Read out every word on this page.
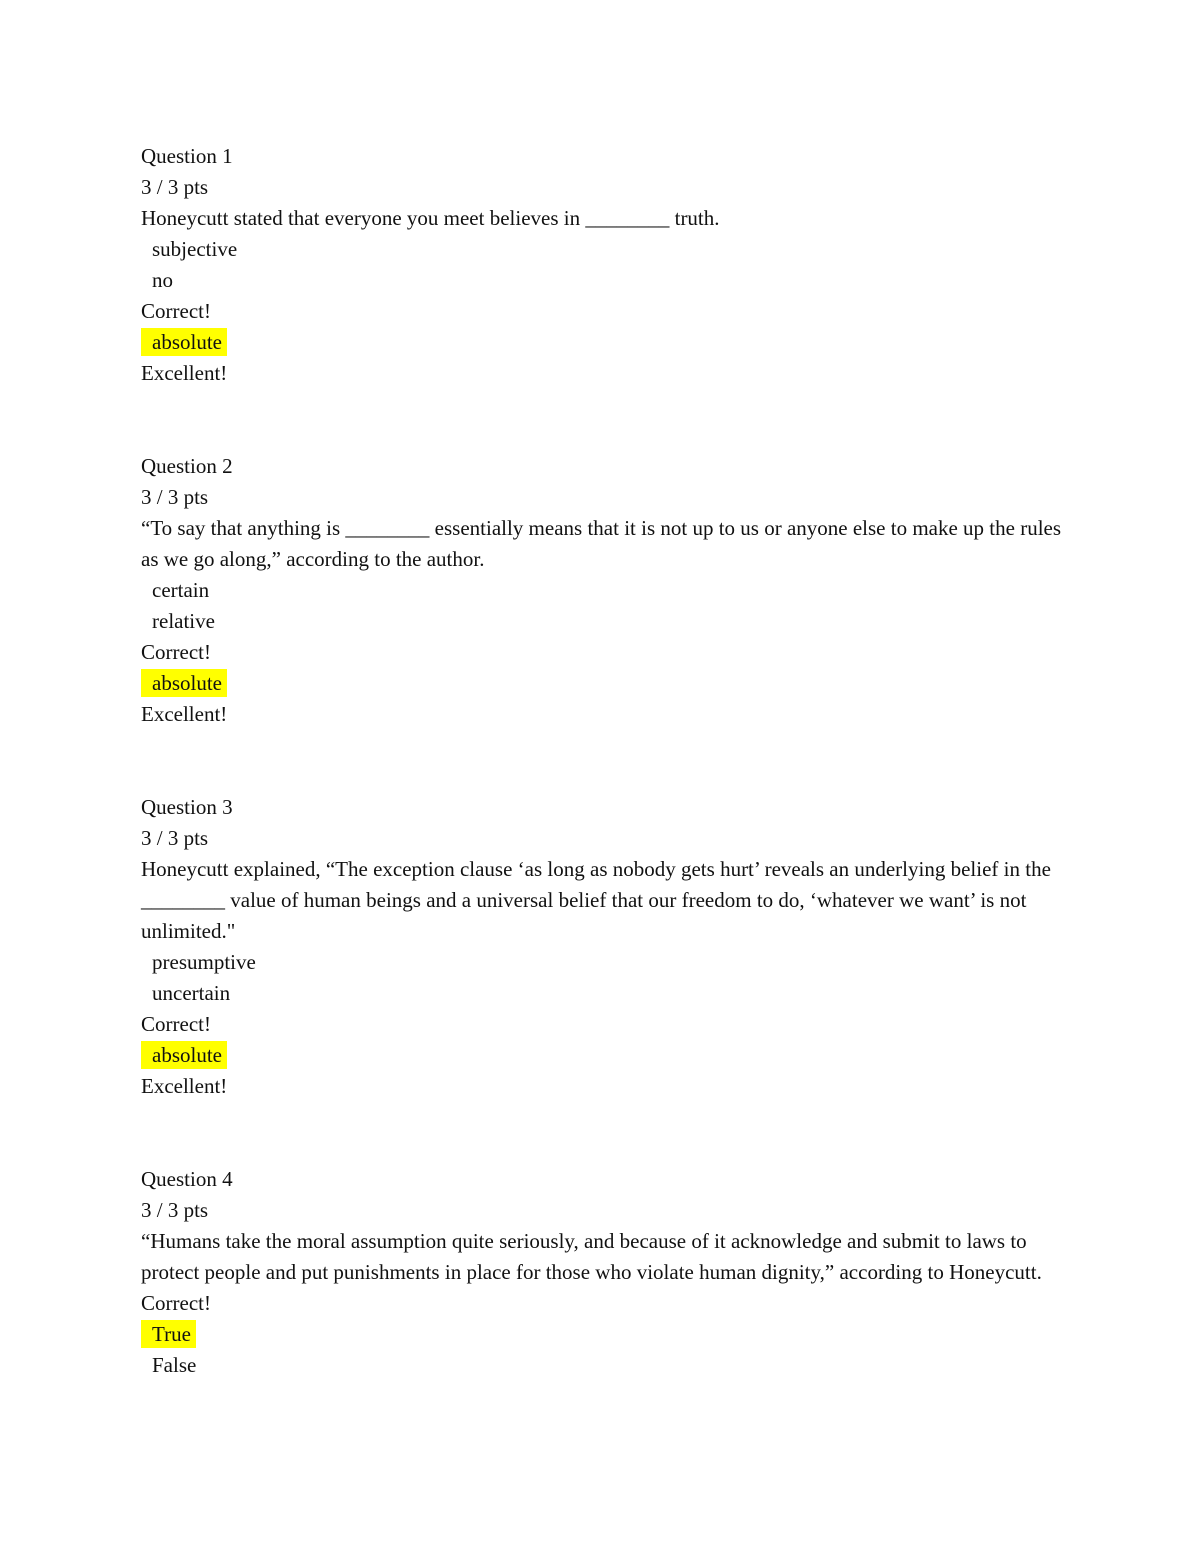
Question 1
3 / 3 pts
Honeycutt stated that everyone you meet believes in ________ truth.
subjective
no
Correct!
absolute
Excellent!
Question 2
3 / 3 pts
“To say that anything is ________ essentially means that it is not up to us or anyone else to make up the rules as we go along,” according to the author.
certain
relative
Correct!
absolute
Excellent!
Question 3
3 / 3 pts
Honeycutt explained, “The exception clause ‘as long as nobody gets hurt’ reveals an underlying belief in the ________ value of human beings and a universal belief that our freedom to do, ‘whatever we want’ is not unlimited."
presumptive
uncertain
Correct!
absolute
Excellent!
Question 4
3 / 3 pts
“Humans take the moral assumption quite seriously, and because of it acknowledge and submit to laws to protect people and put punishments in place for those who violate human dignity,” according to Honeycutt.
Correct!
True
False
